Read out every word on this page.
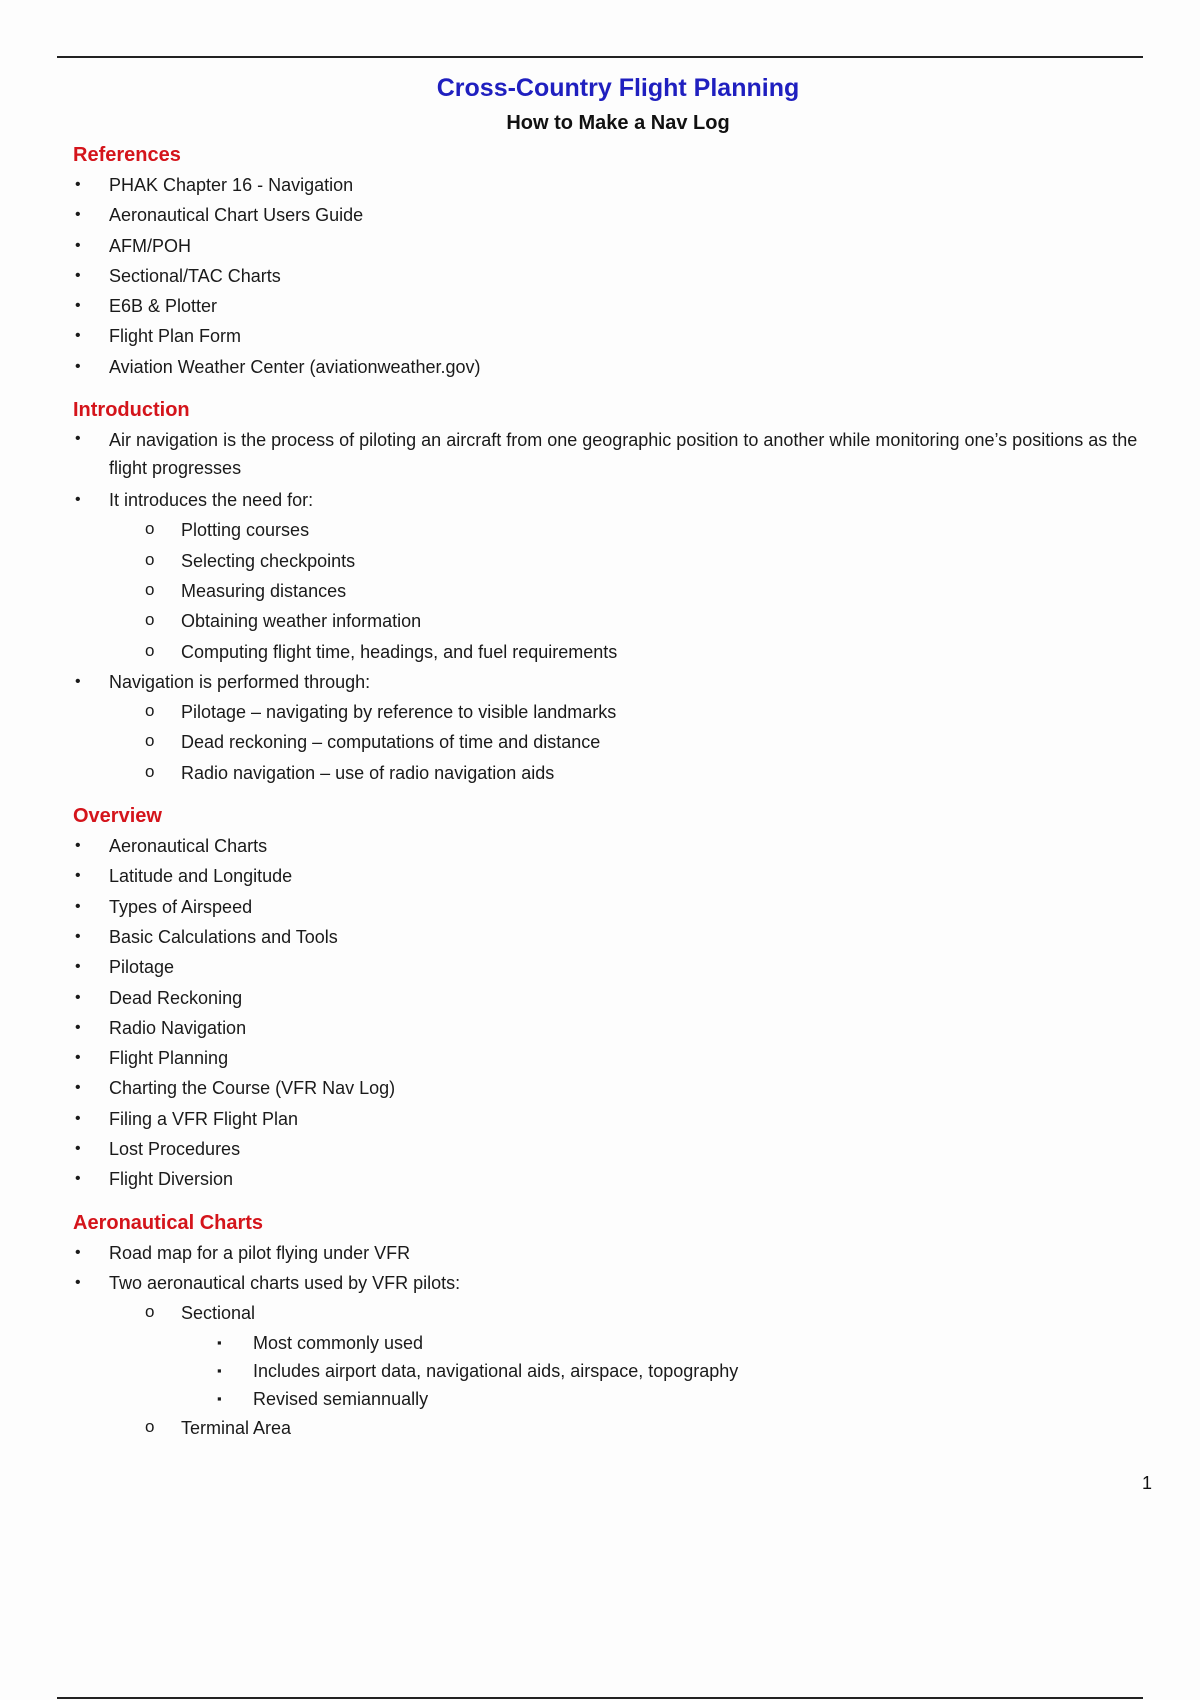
Cross-Country Flight Planning
How to Make a Nav Log
References
• PHAK Chapter 16 - Navigation
• Aeronautical Chart Users Guide
• AFM/POH
• Sectional/TAC Charts
• E6B & Plotter
• Flight Plan Form
• Aviation Weather Center (aviationweather.gov)
Introduction
• Air navigation is the process of piloting an aircraft from one geographic position to another while monitoring one’s positions as the flight progresses
• It introduces the need for:
o Plotting courses
o Selecting checkpoints
o Measuring distances
o Obtaining weather information
o Computing flight time, headings, and fuel requirements
• Navigation is performed through:
o Pilotage – navigating by reference to visible landmarks
o Dead reckoning – computations of time and distance
o Radio navigation – use of radio navigation aids
Overview
• Aeronautical Charts
• Latitude and Longitude
• Types of Airspeed
• Basic Calculations and Tools
• Pilotage
• Dead Reckoning
• Radio Navigation
• Flight Planning
• Charting the Course (VFR Nav Log)
• Filing a VFR Flight Plan
• Lost Procedures
• Flight Diversion
Aeronautical Charts
• Road map for a pilot flying under VFR
• Two aeronautical charts used by VFR pilots:
o Sectional
▪ Most commonly used
▪ Includes airport data, navigational aids, airspace, topography
▪ Revised semiannually
o Terminal Area
1
